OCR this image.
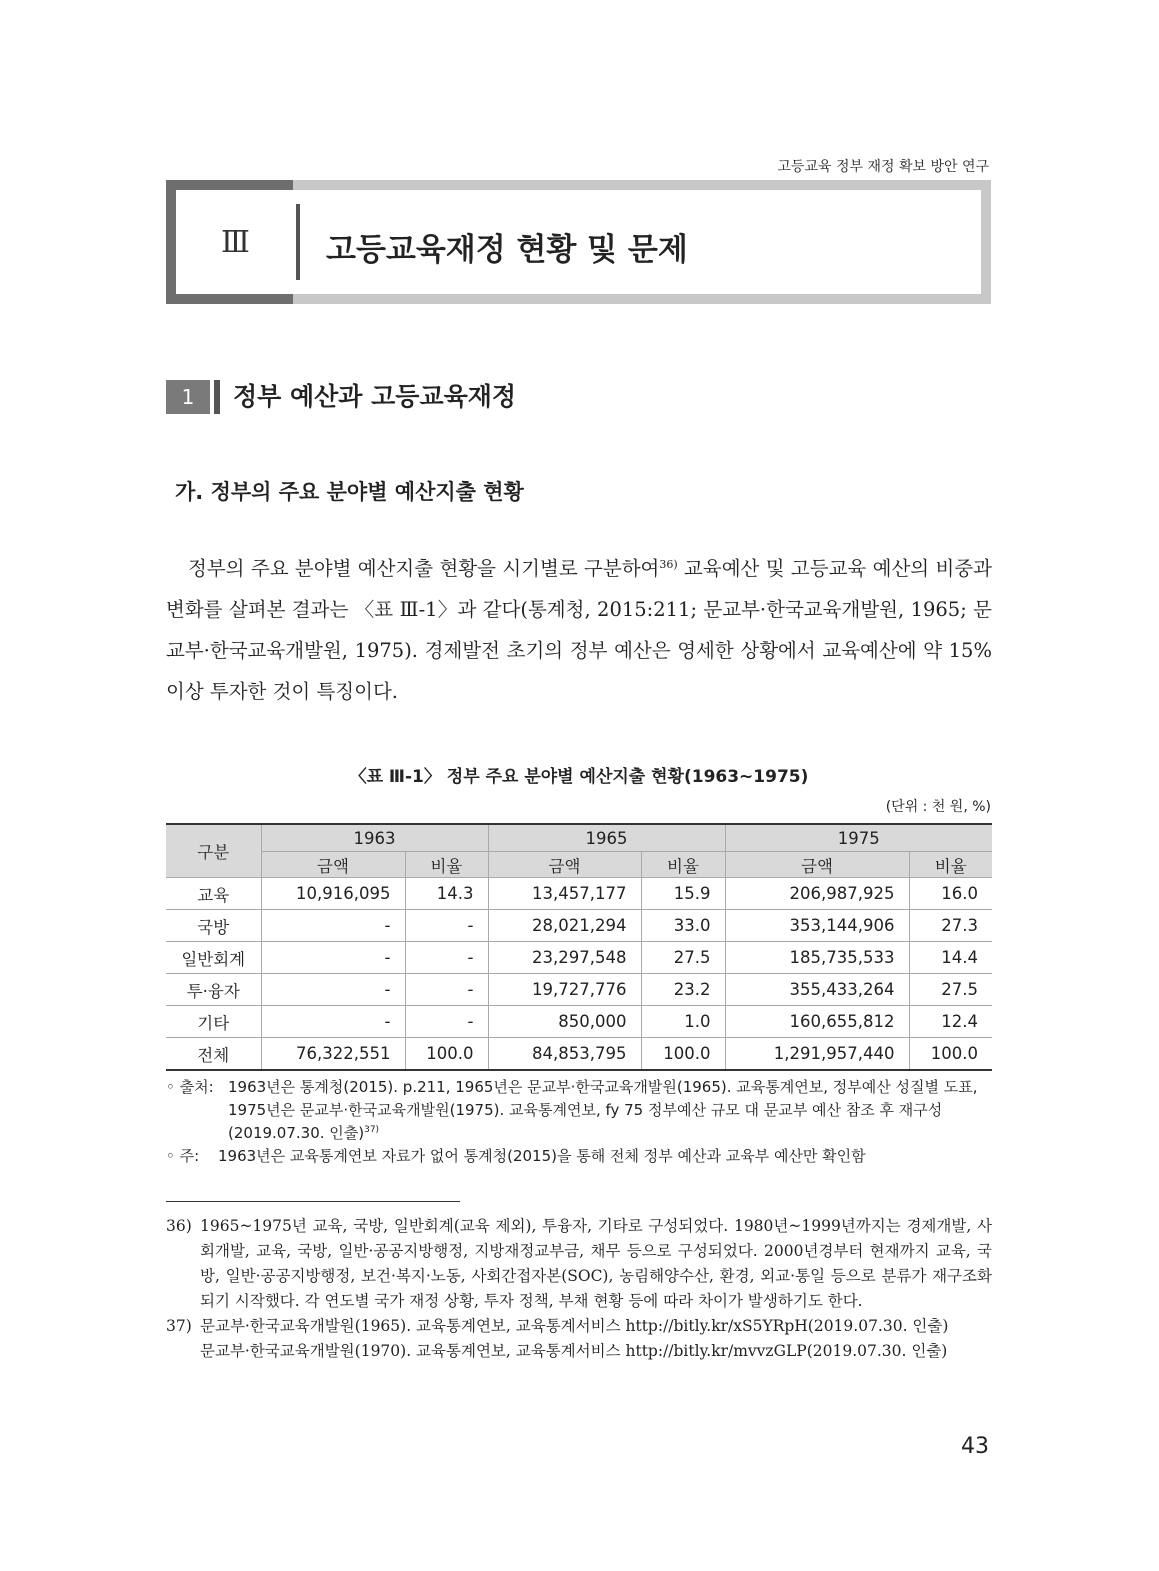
고등교육 정부 재정 확보 방안 연구
Ⅲ 고등교육재정 현황 및 문제
1	정부 예산과 고등교육재정
가. 정부의 주요 분야별 예산지출 현황
정부의 주요 분야별 예산지출 현황을 시기별로 구분하여$^{36)}$ 교육예산 및 고등교육 예산의 비중과 변화를 살펴본 결과는 〈표 Ⅲ-1〉과 같다(통계청, 2015:211; 문교부·한국교육개발원, 1965; 문교부·한국교육개발원, 1975). 경제발전 초기의 정부 예산은 영세한 상황에서 교육예산에 약 15% 이상 투자한 것이 특징이다.
〈표 Ⅲ-1〉 정부 주요 분야별 예산지출 현황(1963~1975)
(단위 : 천 원, %)
구분	1963		1965		1975	
	금액	비율	금액	비율	금액	비율
교육	10,916,095	14.3	13,457,177	15.9	206,987,925	16.0
국방	-	-	28,021,294	33.0	353,144,906	27.3
일반회계	-	-	23,297,548	27.5	185,735,533	14.4
투·융자	-	-	19,727,776	23.2	355,433,264	27.5
기타	-	-	850,000	1.0	160,655,812	12.4
전체	76,322,551	100.0	84,853,795	100.0	1,291,957,440	100.0
◦ 출처: 1963년은 통계청(2015). p.211, 1965년은 문교부·한국교육개발원(1965). 교육통계연보, 정부예산 성질별 도표, 1975년은 문교부·한국교육개발원(1975). 교육통계연보, fy 75 정부예산 규모 대 문교부 예산 참조 후 재구성(2019.07.30. 인출)$^{37)}$
◦ 주: 1963년은 교육통계연보 자료가 없어 통계청(2015)을 통해 전체 정부 예산과 교육부 예산만 확인함
36) 1965~1975년 교육, 국방, 일반회계(교육 제외), 투융자, 기타로 구성되었다. 1980년~1999년까지는 경제개발, 사회개발, 교육, 국방, 일반·공공지방행정, 지방재정교부금, 채무 등으로 구성되었다. 2000년경부터 현재까지 교육, 국방, 일반·공공지방행정, 보건·복지·노동, 사회간접자본(SOC), 농림해양수산, 환경, 외교·통일 등으로 분류가 재구조화되기 시작했다. 각 연도별 국가 재정 상황, 투자 정책, 부채 현황 등에 따라 차이가 발생하기도 한다.
37) 문교부·한국교육개발원(1965). 교육통계연보, 교육통계서비스 http://bitly.kr/xS5YRpH(2019.07.30. 인출)
문교부·한국교육개발원(1970). 교육통계연보, 교육통계서비스 http://bitly.kr/mvvzGLP(2019.07.30. 인출)
43
